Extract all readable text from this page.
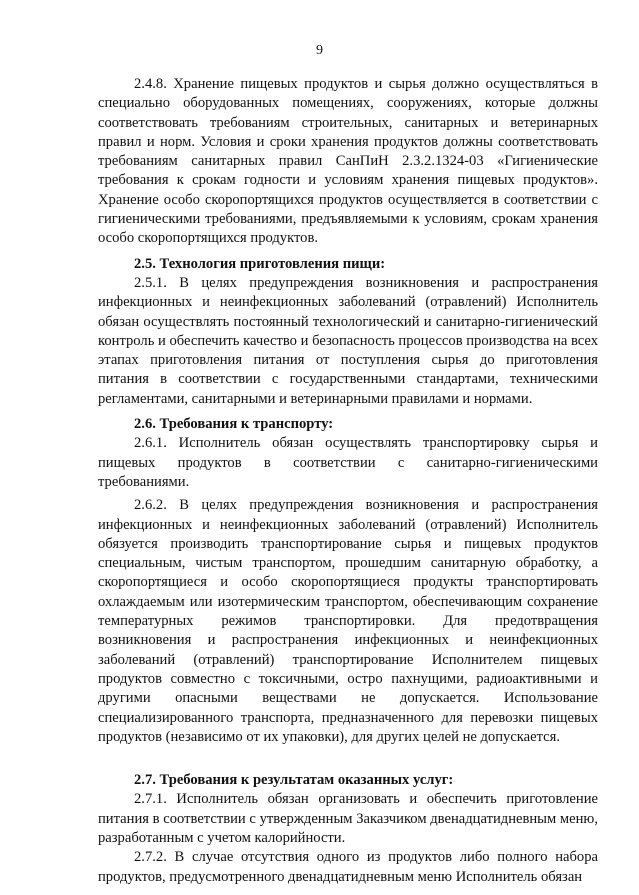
9

2.4.8. Хранение пищевых продуктов и сырья должно осуществляться в специально оборудованных помещениях, сооружениях, которые должны соответствовать требованиям строительных, санитарных и ветеринарных правил и норм. Условия и сроки хранения продуктов должны соответствовать требованиям санитарных правил СанПиН 2.3.2.1324-03 «Гигиенические требования к срокам годности и условиям хранения пищевых продуктов». Хранение особо скоропортящихся продуктов осуществляется в соответствии с гигиеническими требованиями, предъявляемыми к условиям, срокам хранения особо скоропортящихся продуктов.

2.5. Технология приготовления пищи:

2.5.1. В целях предупреждения возникновения и распространения инфекционных и неинфекционных заболеваний (отравлений) Исполнитель обязан осуществлять постоянный технологический и санитарно-гигиенический контроль и обеспечить качество и безопасность процессов производства на всех этапах приготовления питания от поступления сырья до приготовления питания в соответствии с государственными стандартами, техническими регламентами, санитарными и ветеринарными правилами и нормами.

2.6. Требования к транспорту:

2.6.1. Исполнитель обязан осуществлять транспортировку сырья и пищевых продуктов в соответствии с санитарно-гигиеническими требованиями.

2.6.2. В целях предупреждения возникновения и распространения инфекционных и неинфекционных заболеваний (отравлений) Исполнитель обязуется производить транспортирование сырья и пищевых продуктов специальным, чистым транспортом, прошедшим санитарную обработку, а скоропортящиеся и особо скоропортящиеся продукты транспортировать охлаждаемым или изотермическим транспортом, обеспечивающим сохранение температурных режимов транспортировки. Для предотвращения возникновения и распространения инфекционных и неинфекционных заболеваний (отравлений) транспортирование Исполнителем пищевых продуктов совместно с токсичными, остро пахнущими, радиоактивными и другими опасными веществами не допускается. Использование специализированного транспорта, предназначенного для перевозки пищевых продуктов (независимо от их упаковки), для других целей не допускается.

2.7. Требования к результатам оказанных услуг:

2.7.1. Исполнитель обязан организовать и обеспечить приготовление питания в соответствии с утвержденным Заказчиком двенадцатидневным меню, разработанным с учетом калорийности.

2.7.2. В случае отсутствия одного из продуктов либо полного набора продуктов, предусмотренного двенадцатидневным меню Исполнитель обязан
